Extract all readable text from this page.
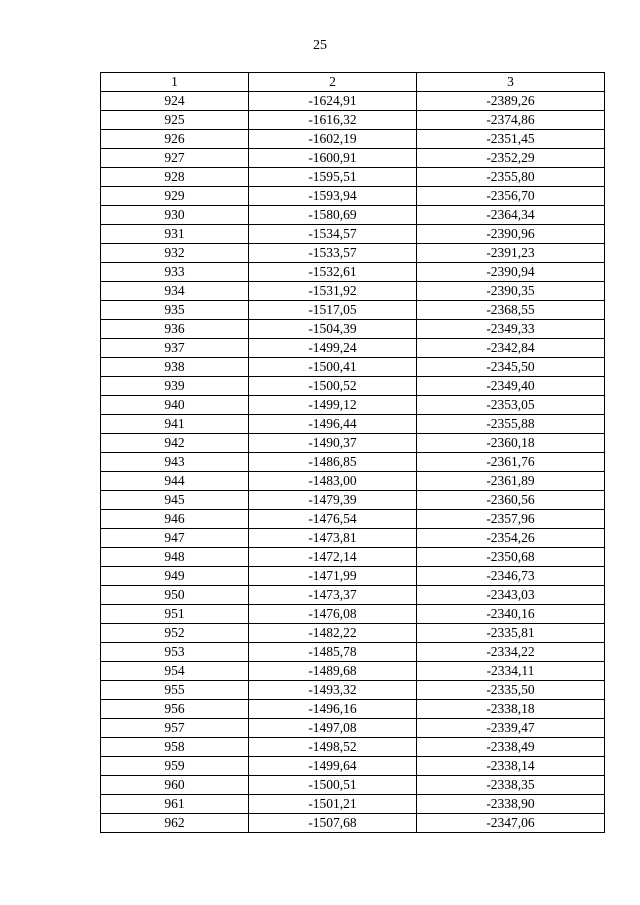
25
1	2	3
924	-1624,91	-2389,26
925	-1616,32	-2374,86
926	-1602,19	-2351,45
927	-1600,91	-2352,29
928	-1595,51	-2355,80
929	-1593,94	-2356,70
930	-1580,69	-2364,34
931	-1534,57	-2390,96
932	-1533,57	-2391,23
933	-1532,61	-2390,94
934	-1531,92	-2390,35
935	-1517,05	-2368,55
936	-1504,39	-2349,33
937	-1499,24	-2342,84
938	-1500,41	-2345,50
939	-1500,52	-2349,40
940	-1499,12	-2353,05
941	-1496,44	-2355,88
942	-1490,37	-2360,18
943	-1486,85	-2361,76
944	-1483,00	-2361,89
945	-1479,39	-2360,56
946	-1476,54	-2357,96
947	-1473,81	-2354,26
948	-1472,14	-2350,68
949	-1471,99	-2346,73
950	-1473,37	-2343,03
951	-1476,08	-2340,16
952	-1482,22	-2335,81
953	-1485,78	-2334,22
954	-1489,68	-2334,11
955	-1493,32	-2335,50
956	-1496,16	-2338,18
957	-1497,08	-2339,47
958	-1498,52	-2338,49
959	-1499,64	-2338,14
960	-1500,51	-2338,35
961	-1501,21	-2338,90
962	-1507,68	-2347,06
